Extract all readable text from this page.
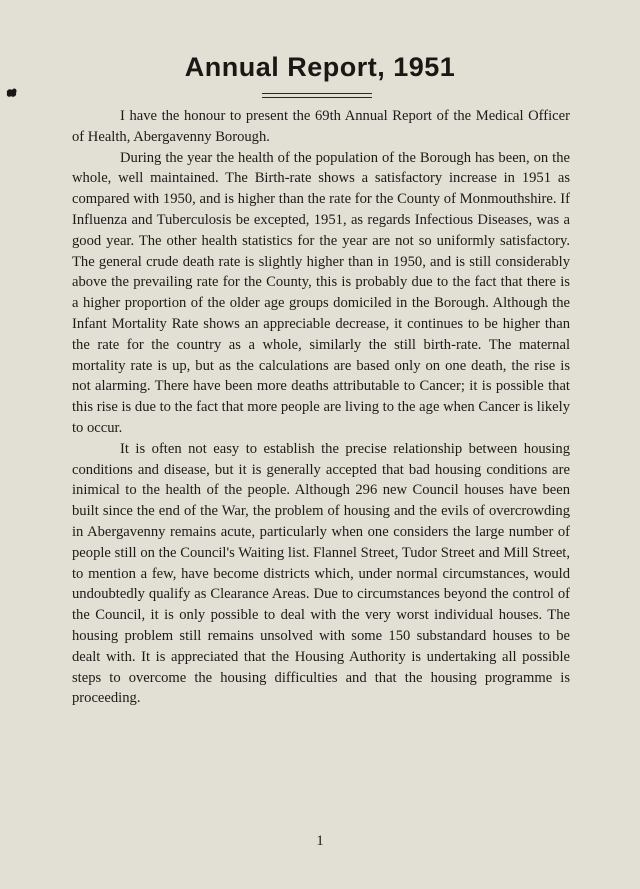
Annual Report, 1951

I have the honour to present the 69th Annual Report of the Medical Officer of Health, Abergavenny Borough.

During the year the health of the population of the Borough has been, on the whole, well maintained. The Birth-rate shows a satisfactory increase in 1951 as compared with 1950, and is higher than the rate for the County of Monmouthshire. If Influenza and Tuberculosis be excepted, 1951, as regards Infectious Diseases, was a good year. The other health statistics for the year are not so uniformly satisfactory. The general crude death rate is slightly higher than in 1950, and is still considerably above the prevailing rate for the County, this is probably due to the fact that there is a higher proportion of the older age groups domiciled in the Borough. Although the Infant Mortality Rate shows an appreciable decrease, it continues to be higher than the rate for the country as a whole, similarly the still birth-rate. The maternal mortality rate is up, but as the calculations are based only on one death, the rise is not alarming. There have been more deaths attributable to Cancer; it is possible that this rise is due to the fact that more people are living to the age when Cancer is likely to occur.

It is often not easy to establish the precise relationship between housing conditions and disease, but it is generally accepted that bad housing conditions are inimical to the health of the people. Although 296 new Council houses have been built since the end of the War, the problem of housing and the evils of overcrowding in Abergavenny remains acute, particularly when one considers the large number of people still on the Council's Waiting list. Flannel Street, Tudor Street and Mill Street, to mention a few, have become districts which, under normal circumstances, would undoubtedly qualify as Clearance Areas. Due to circumstances beyond the control of the Council, it is only possible to deal with the very worst individual houses. The housing problem still remains unsolved with some 150 substandard houses to be dealt with. It is appreciated that the Housing Authority is undertaking all possible steps to overcome the housing difficulties and that the housing programme is proceeding.

1
